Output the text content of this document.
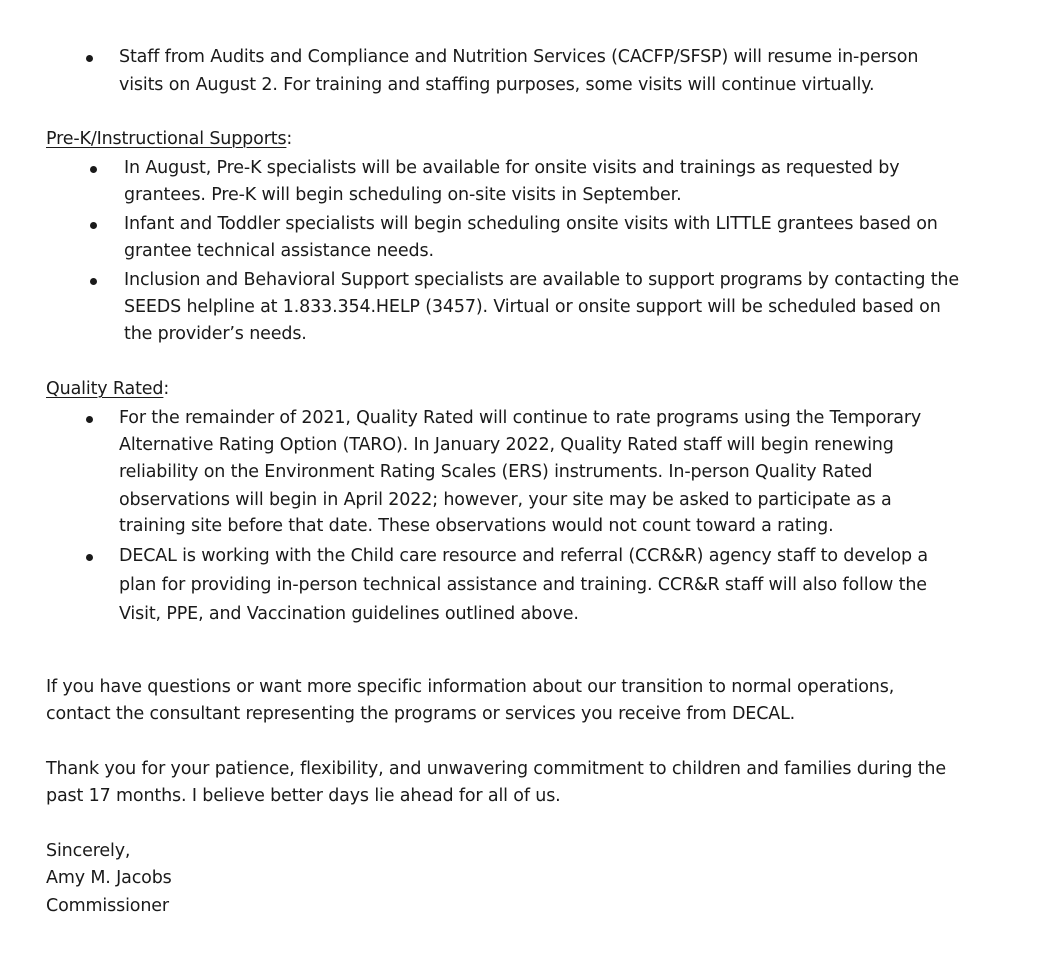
Staff from Audits and Compliance and Nutrition Services (CACFP/SFSP) will resume in-person
visits on August 2. For training and staffing purposes, some visits will continue virtually.
Pre-K/Instructional Supports:
In August, Pre-K specialists will be available for onsite visits and trainings as requested by
grantees. Pre-K will begin scheduling on-site visits in September.
Infant and Toddler specialists will begin scheduling onsite visits with LITTLE grantees based on
grantee technical assistance needs.
Inclusion and Behavioral Support specialists are available to support programs by contacting the
SEEDS helpline at 1.833.354.HELP (3457). Virtual or onsite support will be scheduled based on
the provider’s needs.
Quality Rated:
For the remainder of 2021, Quality Rated will continue to rate programs using the Temporary
Alternative Rating Option (TARO). In January 2022, Quality Rated staff will begin renewing
reliability on the Environment Rating Scales (ERS) instruments. In-person Quality Rated
observations will begin in April 2022; however, your site may be asked to participate as a
training site before that date. These observations would not count toward a rating.
DECAL is working with the Child care resource and referral (CCR&R) agency staff to develop a
plan for providing in-person technical assistance and training. CCR&R staff will also follow the
Visit, PPE, and Vaccination guidelines outlined above.
If you have questions or want more specific information about our transition to normal operations,
contact the consultant representing the programs or services you receive from DECAL.
Thank you for your patience, flexibility, and unwavering commitment to children and families during the
past 17 months. I believe better days lie ahead for all of us.
Sincerely,
Amy M. Jacobs
Commissioner
